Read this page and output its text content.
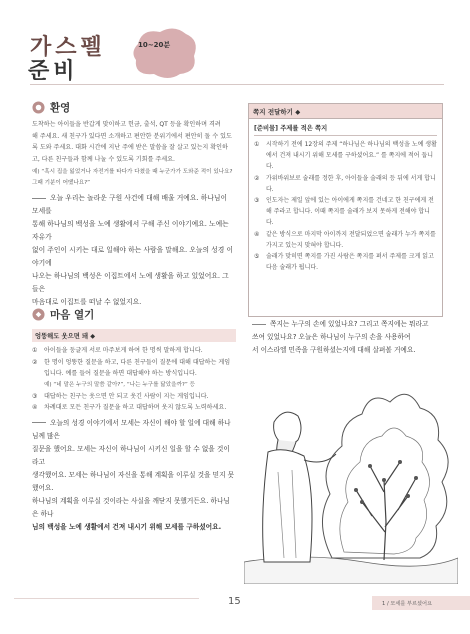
가스펠
준비
10~20분
환영
도착하는 아이들을 반갑게 맞이하고 헌금, 출석, QT 등을 확인하며 격려
해 주세요. 새 친구가 있다면 소개하고 편안한 분위기에서 편안히 돌 수 있도
록 도와 주세요. 대화 시간에 지난 주에 받은 말씀을 잘 살고 있는지 확인하
고, 다른 친구들과 함께 나눌 수 있도록 기회를 주세요.
예) “혹시 집을 잃었거나 자전거를 타다가 다쳤을 때 누군가가 도와준 적이 있나요? 그때 기분이 어땠나요?”
오늘 우리는 놀라운 구원 사건에 대해 배울 거예요. 하나님이 모세를
통해 하나님의 백성을 노예 생활에서 구해 주신 이야기예요. 노예는 자유가
없이 주인이 시키는 대로 일해야 하는 사람을 말해요. 오늘의 성경 이야기에
나오는 하나님의 백성은 이집트에서 노예 생활을 하고 있었어요. 그들은
마음대로 이집트를 떠날 수 없었지요.
마음 열기
엉뚱해도 웃으면 돼 ◆
①	아이들을 둥글게 서로 마주보게 하여 한 명씩 말하게 합니다.
②	한 명이 엉뚱한 질문을 하고, 다른 친구들이 질문에 대해 대답하는 게임입니다. 예를 들어 질문을 하면 대답해야 하는 방식입니다.
예) “네 말은 누구의 말씀 같아?”, “나는 누구를 닮았을까?” 등
③	대답하는 친구는 웃으면 안 되고 웃긴 사람이 지는 게임입니다.
④	차례대로 모든 친구가 질문을 하고 대답하며 웃지 않도록 노력하세요.
오늘의 성경 이야기에서 모세는 자신이 해야 할 일에 대해 하나님께 많은
질문을 했어요. 모세는 자신이 하나님이 시키신 일을 할 수 없을 것이라고
생각했어요. 모세는 하나님이 자신을 통해 계획을 이루실 것을 믿지 못했어요.
하나님의 계획을 이루실 것이라는 사실을 깨닫지 못했거든요. 하나님은 하나
님의 백성을 노예 생활에서 건져 내시기 위해 모세를 구하셨어요.
쪽지 전달하기 ◆
[준비물] 주제를 적은 쪽지
①	시작하기 전에 12장의 주제 “하나님은 하나님의 백성을 노예 생활에서 건져 내시기 위해 모세를 구하셨어요.” 를 쪽지에 적어 둡니다.
②	가위바위보로 술래를 정한 후, 아이들을 술래의 등 뒤에 서게 합니다.
③	인도자는 제일 앞에 있는 아이에게 쪽지를 건네고 한 친구에게 전해 주라고 합니다. 이때 쪽지를 술래가 보지 못하게 전해야 합니다.
④	같은 방식으로 마지막 아이까지 전달되었으면 술래가 누가 쪽지를 가지고 있는지 맞혀야 합니다.
⑤	술래가 맞히면 쪽지를 가진 사람은 쪽지를 펴서 주제를 크게 읽고 다음 술래가 됩니다.
쪽지는 누구의 손에 있었나요? 그리고 쪽지에는 뭐라고
쓰여 있었나요? 오늘은 하나님이 누구의 손을 사용하여
서 이스라엘 민족을 구원하셨는지에 대해 살펴볼 거예요.
15	1 / 모세를 부르셨어요
